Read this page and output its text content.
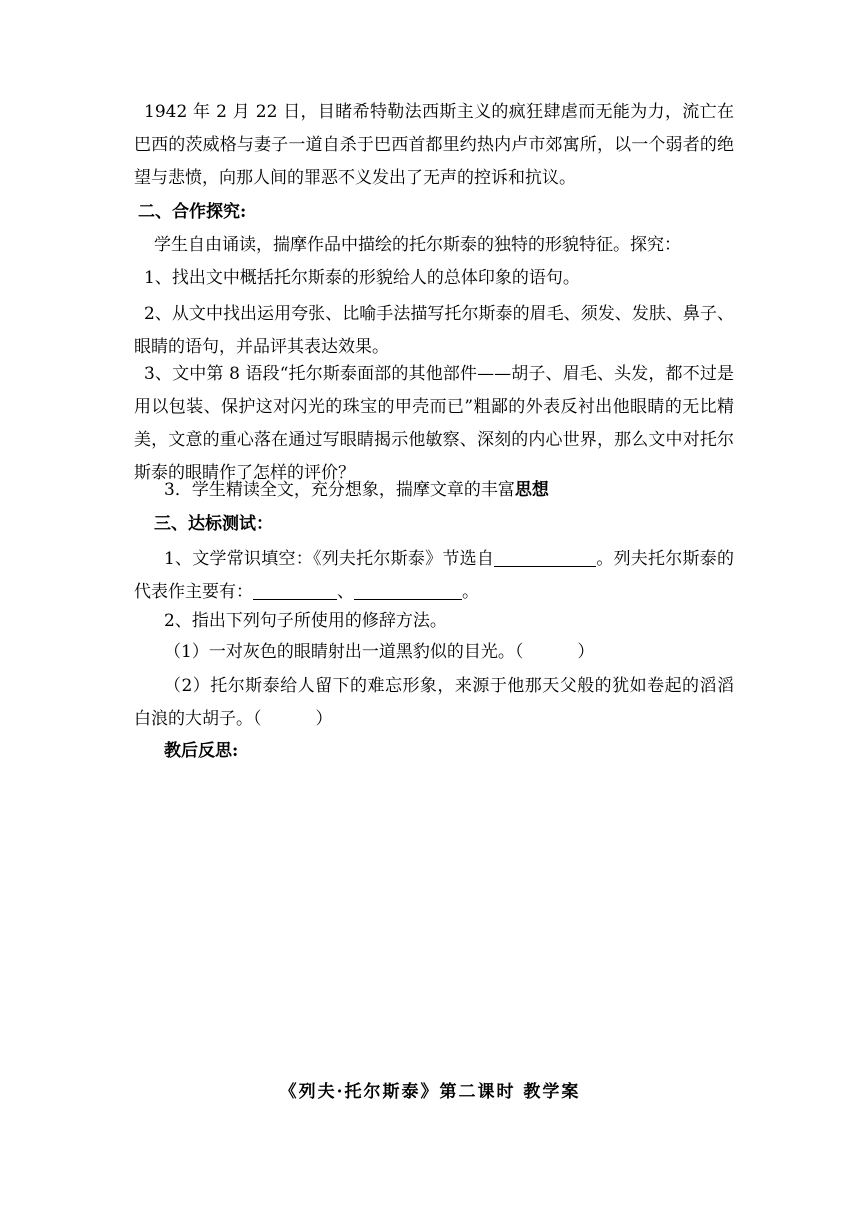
1942 年 2 月 22 日，目睹希特勒法西斯主义的疯狂肆虐而无能为力，流亡在巴西的茨威格与妻子一道自杀于巴西首都里约热内卢市郊寓所，以一个弱者的绝望与悲愤，向那人间的罪恶不义发出了无声的控诉和抗议。

二、合作探究:

学生自由诵读，揣摩作品中描绘的托尔斯泰的独特的形貌特征。探究：

1、找出文中概括托尔斯泰的形貌给人的总体印象的语句。

2、从文中找出运用夸张、比喻手法描写托尔斯泰的眉毛、须发、发肤、鼻子、眼睛的语句，并品评其表达效果。

3、文中第 8 语段“托尔斯泰面部的其他部件——胡子、眉毛、头发，都不过是用以包装、保护这对闪光的珠宝的甲壳而已”粗鄙的外表反衬出他眼睛的无比精美，文意的重心落在通过写眼睛揭示他敏察、深刻的内心世界，那么文中对托尔斯泰的眼睛作了怎样的评价？

3．学生精读全文，充分想象，揣摩文章的丰富思想

三、达标测试：

1、文学常识填空：《列夫托尔斯泰》节选自	。列夫托尔斯泰的代表作主要有：	、	。

2、指出下列句子所使用的修辞方法。

（1）一对灰色的眼睛射出一道黑豹似的目光。（	）

（2）托尔斯泰给人留下的难忘形象，来源于他那天父般的犹如卷起的滔滔白浪的大胡子。（	）

教后反思:

《列夫·托尔斯泰》第二课时 教学案
